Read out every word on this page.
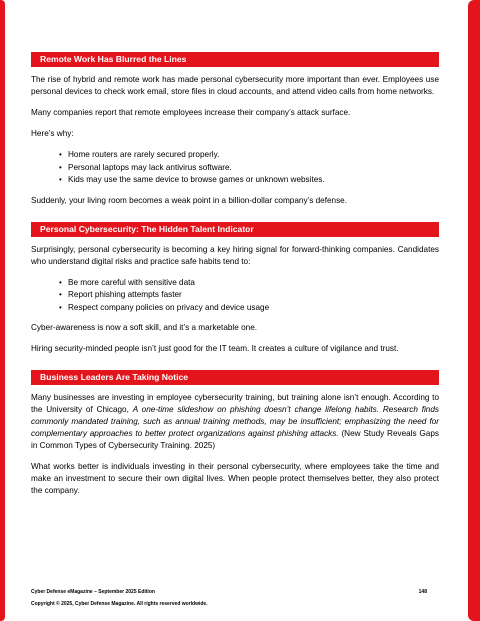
Remote Work Has Blurred the Lines

The rise of hybrid and remote work has made personal cybersecurity more important than ever. Employees use personal devices to check work email, store files in cloud accounts, and attend video calls from home networks.

Many companies report that remote employees increase their company’s attack surface.

Here’s why:

• Home routers are rarely secured properly.
• Personal laptops may lack antivirus software.
• Kids may use the same device to browse games or unknown websites.

Suddenly, your living room becomes a weak point in a billion-dollar company’s defense.

Personal Cybersecurity: The Hidden Talent Indicator

Surprisingly, personal cybersecurity is becoming a key hiring signal for forward-thinking companies. Candidates who understand digital risks and practice safe habits tend to:

• Be more careful with sensitive data
• Report phishing attempts faster
• Respect company policies on privacy and device usage

Cyber-awareness is now a soft skill, and it’s a marketable one.

Hiring security-minded people isn’t just good for the IT team. It creates a culture of vigilance and trust.

Business Leaders Are Taking Notice

Many businesses are investing in employee cybersecurity training, but training alone isn’t enough. According to the University of Chicago, A one-time slideshow on phishing doesn’t change lifelong habits. Research finds commonly mandated training, such as annual training methods, may be insufficient; emphasizing the need for complementary approaches to better protect organizations against phishing attacks. (New Study Reveals Gaps in Common Types of Cybersecurity Training. 2025)

What works better is individuals investing in their personal cybersecurity, where employees take the time and make an investment to secure their own digital lives. When people protect themselves better, they also protect the company.

Cyber Defense eMagazine – September 2025 Edition	148
Copyright © 2025, Cyber Defense Magazine. All rights reserved worldwide.
